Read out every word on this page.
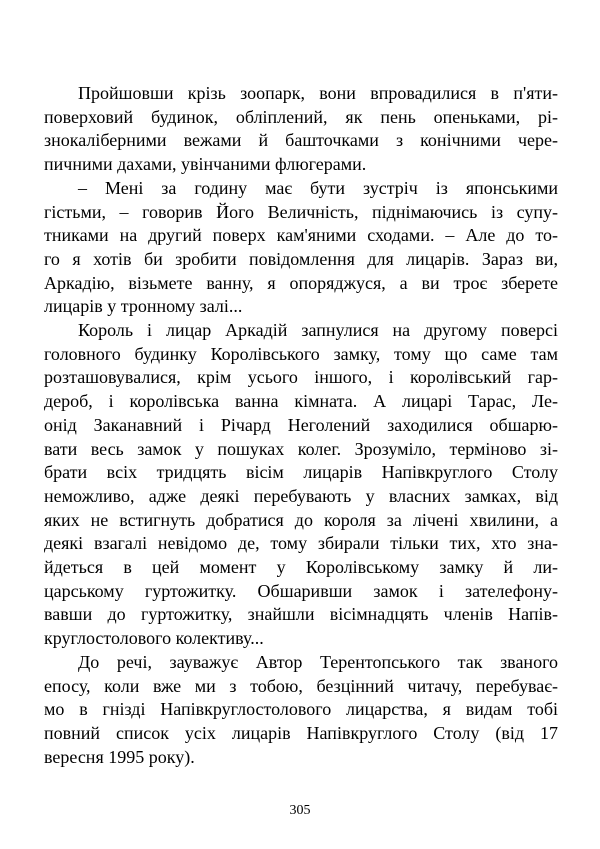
Пройшовши крізь зоопарк, вони впровадилися в п'яти-
поверховий будинок, обліплений, як пень опеньками, рі-
знокаліберними вежами й башточками з конічними чере-
пичними дахами, увінчаними флюгерами.
– Мені за годину має бути зустріч із японськими
гістьми, – говорив Його Величність, піднімаючись із супу-
тниками на другий поверх кам'яними сходами. – Але до то-
го я хотів би зробити повідомлення для лицарів. Зараз ви,
Аркадію, візьмете ванну, я опоряджуся, а ви троє зберете
лицарів у тронному залі...
Король і лицар Аркадій запнулися на другому поверсі
головного будинку Королівського замку, тому що саме там
розташовувалися, крім усього іншого, і королівський гар-
дероб, і королівська ванна кімната. А лицарі Тарас, Ле-
онід Заканавний і Річард Неголений заходилися обшарю-
вати весь замок у пошуках колег. Зрозуміло, терміново зі-
брати всіх тридцять вісім лицарів Напівкруглого Столу
неможливо, адже деякі перебувають у власних замках, від
яких не встигнуть добратися до короля за лічені хвилини, а
деякі взагалі невідомо де, тому збирали тільки тих, хто зна-
йдеться в цей момент у Королівському замку й ли-
царському гуртожитку. Обшаривши замок і зателефону-
вавши до гуртожитку, знайшли вісімнадцять членів Напів-
круглостолового колективу...
До речі, зауважує Автор Терентопського так званого
епосу, коли вже ми з тобою, безцінний читачу, перебуває-
мо в гнізді Напівкруглостолового лицарства, я видам тобі
повний список усіх лицарів Напівкруглого Столу (від 17
вересня 1995 року).
305
